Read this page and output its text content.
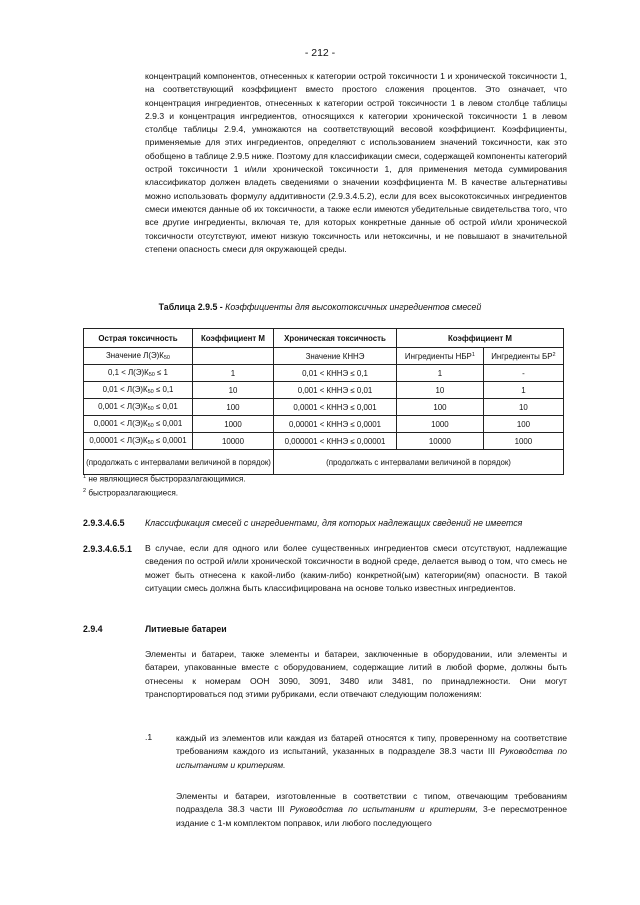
- 212 -

концентраций компонентов, отнесенных к категории острой токсичности 1 и хронической токсичности 1, на соответствующий коэффициент вместо простого сложения процентов. Это означает, что концентрация ингредиентов, отнесенных к категории острой токсичности 1 в левом столбце таблицы 2.9.3 и концентрация ингредиентов, относящихся к категории хронической токсичности 1 в левом столбце таблицы 2.9.4, умножаются на соответствующий весовой коэффициент. Коэффициенты, применяемые для этих ингредиентов, определяют с использованием значений токсичности, как это обобщено в таблице 2.9.5 ниже. Поэтому для классификации смеси, содержащей компоненты категорий острой токсичности 1 и/или хронической токсичности 1, для применения метода суммирования классификатор должен владеть сведениями о значении коэффициента М. В качестве альтернативы можно использовать формулу аддитивности (2.9.3.4.5.2), если для всех высокотоксичных ингредиентов смеси имеются данные об их токсичности, а также если имеются убедительные свидетельства того, что все другие ингредиенты, включая те, для которых конкретные данные об острой и/или хронической токсичности отсутствуют, имеют низкую токсичность или нетоксичны, и не повышают в значительной степени опасность смеси для окружающей среды.

Таблица 2.9.5 - Коэффициенты для высокотоксичных ингредиентов смесей
Острая токсичность	Коэффициент М	Хроническая токсичность	Коэффициент М	
Значение Л(Э)К50		Значение КННЭ	Ингредиенты НБР$^1$	Ингредиенты $БР^2$
0,1 < Л(Э)К50 ≤ 1	1	0,01 < КННЭ ≤ 0,1	1	-
0,01 < Л(Э)К50 ≤ 0,1	10	0,001 < КННЭ ≤ 0,01	10	1
0,001 < Л(Э)К50 ≤ 0,01	100	0,0001 < КННЭ ≤ 0,001	100	10
0,0001 < Л(Э)К50 ≤ 0,001	1000	0,00001 < КННЭ ≤ 0,0001	1000	100
0,00001 < Л(Э)К50 ≤ 0,0001	10000	0,000001 < КННЭ ≤ 0,00001	10000	1000
(продолжать с интервалами величиной в порядок)		(продолжать с интервалами величиной в порядок)		
$^1$ не являющиеся быстроразлагающимися.
$^2$ быстроразлагающиеся.
2.9.3.4.6.5 Классификация смесей с ингредиентами, для которых надлежащих сведений не имеется
2.9.3.4.6.5.1 В случае, если для одного или более существенных ингредиентов смеси отсутствуют, надлежащие сведения по острой и/или хронической токсичности в водной среде, делается вывод о том, что смесь не может быть отнесена к какой-либо (каким-либо) конкретной(ым) категории(ям) опасности. В такой ситуации смесь должна быть классифицирована на основе только известных ингредиентов.

2.9.4	Литиевые батареи

Элементы и батареи, также элементы и батареи, заключенные в оборудовании, или элементы и батареи, упакованные вместе с оборудованием, содержащие литий в любой форме, должны быть отнесены к номерам ООН 3090, 3091, 3480 или 3481, по принадлежности. Они могут транспортироваться под этими рубриками, если отвечают следующим положениям:

.1	каждый из элементов или каждая из батарей относятся к типу, проверенному на соответствие требованиям каждого из испытаний, указанных в подразделе 38.3 части III Руководства по испытаниям и критериям.

Элементы и батареи, изготовленные в соответствии с типом, отвечающим требованиям подраздела 38.3 части III Руководства по испытаниям и критериям, 3-е пересмотренное издание с 1-м комплектом поправок, или любого последующего
